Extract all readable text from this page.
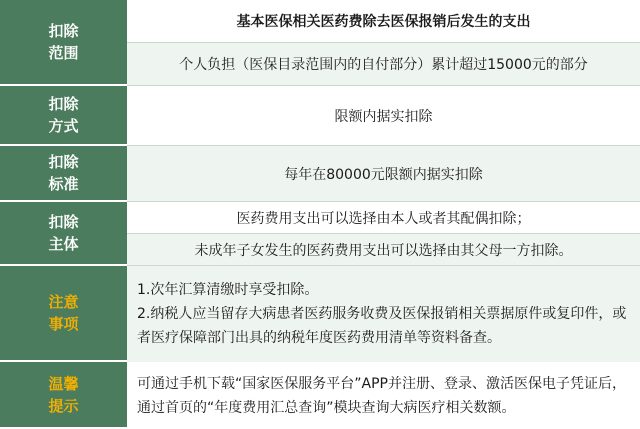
扣除
范围
基本医保相关医药费除去医保报销后发生的支出
个人负担（医保目录范围内的自付部分）累计超过15000元的部分
扣除
方式
限额内据实扣除
扣除
标准
每年在80000元限额内据实扣除
扣除
主体
医药费用支出可以选择由本人或者其配偶扣除；
未成年子女发生的医药费用支出可以选择由其父母一方扣除。
注意
事项
1.次年汇算清缴时享受扣除。
2.纳税人应当留存大病患者医药服务收费及医保报销相关票据原件或复印件，或者医疗保障部门出具的纳税年度医药费用清单等资料备查。
温馨
提示
可通过手机下载“国家医保服务平台”APP并注册、登录、激活医保电子凭证后，通过首页的“年度费用汇总查询”模块查询大病医疗相关数额。
